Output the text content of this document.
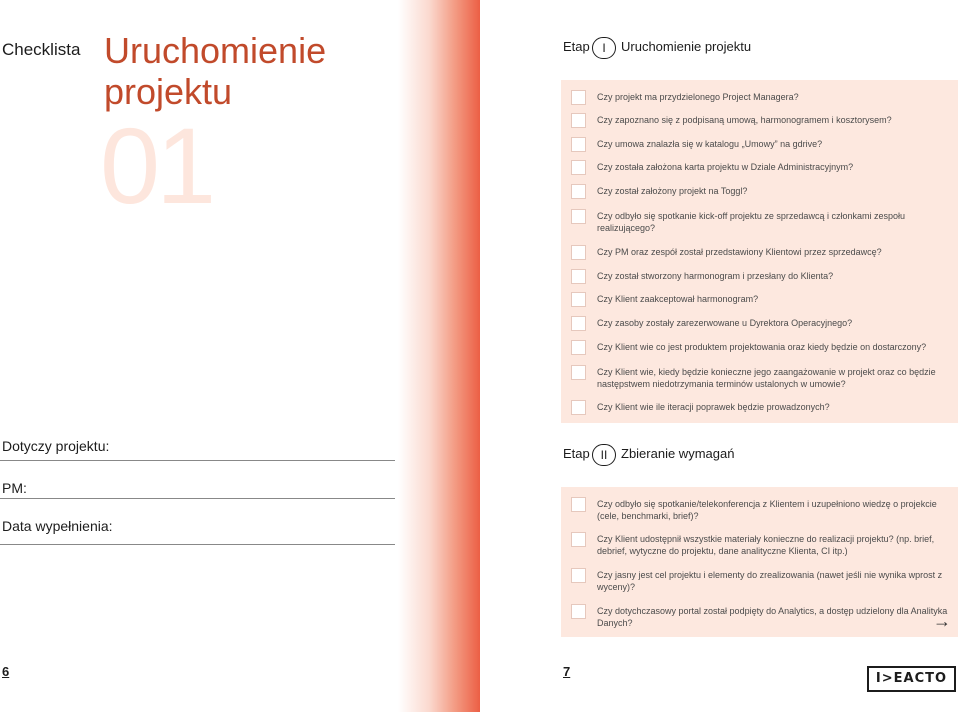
Checklista Uruchomienie projektu
01
Dotyczy projektu:
PM:
Data wypełnienia:
6
Etap	I	Uruchomienie projektu
Czy projekt ma przydzielonego Project Managera?
Czy zapoznano się z podpisaną umową, harmonogramem i kosztorysem?
Czy umowa znalazła się w katalogu „Umowy” na gdrive?
Czy została założona karta projektu w Dziale Administracyjnym?
Czy został założony projekt na Toggl?
Czy odbyło się spotkanie kick-off projektu ze sprzedawcą i członkami zespołu realizującego?
Czy PM oraz zespół został przedstawiony Klientowi przez sprzedawcę?
Czy został stworzony harmonogram i przesłany do Klienta?
Czy Klient zaakceptował harmonogram?
Czy zasoby zostały zarezerwowane u Dyrektora Operacyjnego?
Czy Klient wie co jest produktem projektowania oraz kiedy będzie on dostarczony?
Czy Klient wie, kiedy będzie konieczne jego zaangażowanie w projekt oraz co będzie następstwem niedotrzymania terminów ustalonych w umowie?
Czy Klient wie ile iteracji poprawek będzie prowadzonych?
Etap II	Zbieranie wymagań
Czy odbyło się spotkanie/telekonferencja z Klientem i uzupełniono wiedzę o projekcie (cele, benchmarki, brief)?
Czy Klient udostępnił wszystkie materiały konieczne do realizacji projektu? (np. brief, debrief, wytyczne do projektu, dane analityczne Klienta, CI itp.)
Czy jasny jest cel projektu i elementy do zrealizowania (nawet jeśli nie wynika wprost z wyceny)?
Czy dotychczasowy portal został podpięty do Analytics, a dostęp udzielony dla Analityka Danych?	→
7	I>EACTO
